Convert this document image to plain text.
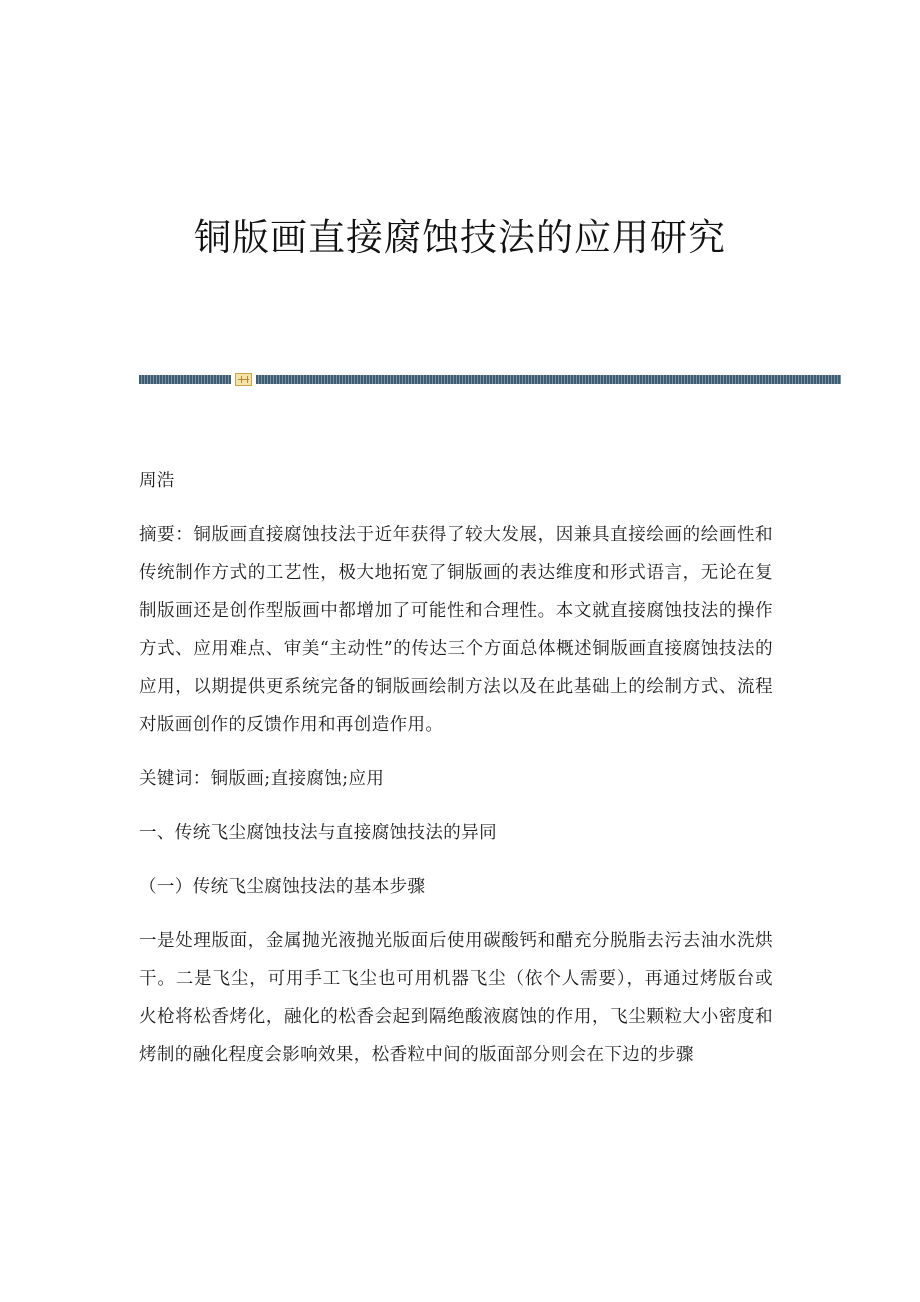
铜版画直接腐蚀技法的应用研究

周浩

摘要：铜版画直接腐蚀技法于近年获得了较大发展，因兼具直接绘画的绘画性和传统制作方式的工艺性，极大地拓宽了铜版画的表达维度和形式语言，无论在复制版画还是创作型版画中都增加了可能性和合理性。本文就直接腐蚀技法的操作方式、应用难点、审美“主动性”的传达三个方面总体概述铜版画直接腐蚀技法的应用，以期提供更系统完备的铜版画绘制方法以及在此基础上的绘制方式、流程对版画创作的反馈作用和再创造作用。

关键词：铜版画;直接腐蚀;应用

一、传统飞尘腐蚀技法与直接腐蚀技法的异同

（一）传统飞尘腐蚀技法的基本步骤

一是处理版面，金属抛光液抛光版面后使用碳酸钙和醋充分脱脂去污去油水洗烘干。二是飞尘，可用手工飞尘也可用机器飞尘（依个人需要），再通过烤版台或火枪将松香烤化，融化的松香会起到隔绝酸液腐蚀的作用，飞尘颗粒大小密度和烤制的融化程度会影响效果，松香粒中间的版面部分则会在下边的步骤
